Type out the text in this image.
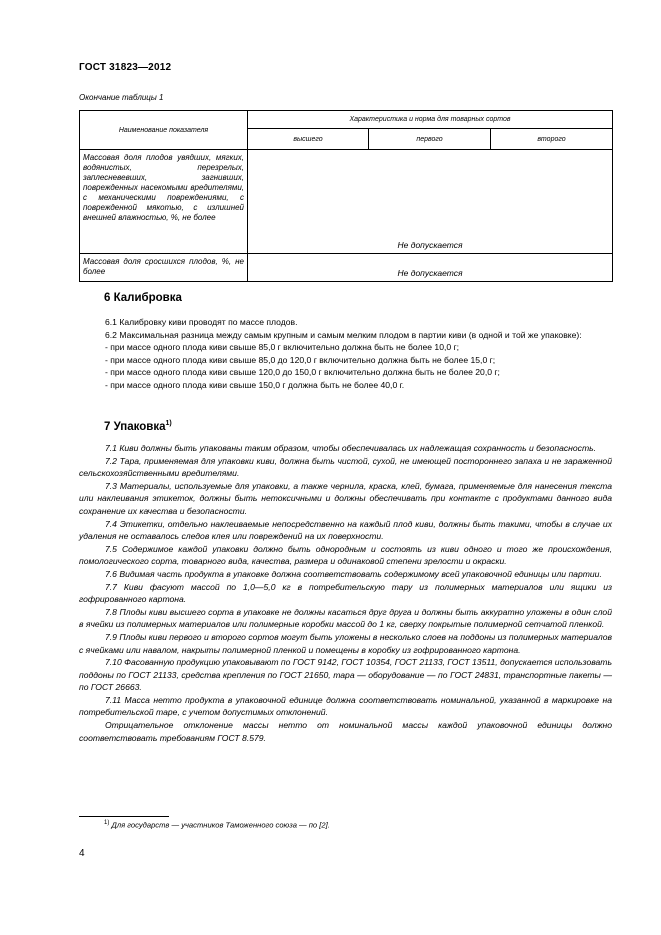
ГОСТ 31823—2012
Окончание таблицы 1
Наименование показателя	Характеристика и норма для товарных сортов		
	высшего	первого	второго
Массовая доля плодов увядших, мягких, водянистых, перезрелых, заплесневевших, загнивших, поврежденных насекомыми вредителями, с механическими повреждениями, с поврежденной мякотью, с излишней внешней влажностью, %, не более	Не допускается		
Массовая доля сросшихся плодов, %, не более	Не допускается		
6 Калибровка

6.1 Калибровку киви проводят по массе плодов.

6.2 Максимальная разница между самым крупным и самым мелким плодом в партии киви (в одной и той же упаковке):

- при массе одного плода киви свыше 85,0 г включительно должна быть не более 10,0 г;

- при массе одного плода киви свыше 85,0 до 120,0 г включительно должна быть не более 15,0 г;

- при массе одного плода киви свыше 120,0 до 150,0 г включительно должна быть не более 20,0 г;

- при массе одного плода киви свыше 150,0 г должна быть не более 40,0 г.

7 Упаковка$^{1)}$

7.1 Киви должны быть упакованы таким образом, чтобы обеспечивалась их надлежащая сохранность и безопасность.

7.2 Тара, применяемая для упаковки киви, должна быть чистой, сухой, не имеющей постороннего запаха и не зараженной сельскохозяйственными вредителями.

7.3 Материалы, используемые для упаковки, а также чернила, краска, клей, бумага, применяемые для нанесения текста или наклеивания этикеток, должны быть нетоксичными и должны обеспечивать при контакте с продуктами данного вида сохранение их качества и безопасности.

7.4 Этикетки, отдельно наклеиваемые непосредственно на каждый плод киви, должны быть такими, чтобы в случае их удаления не оставалось следов клея или повреждений на их поверхности.

7.5 Содержимое каждой упаковки должно быть однородным и состоять из киви одного и того же происхождения, помологического сорта, товарного вида, качества, размера и одинаковой степени зрелости и окраски.

7.6 Видимая часть продукта в упаковке должна соответствовать содержимому всей упаковочной единицы или партии.

7.7 Киви фасуют массой по 1,0—5,0 кг в потребительскую тару из полимерных материалов или ящики из гофрированного картона.

7.8 Плоды киви высшего сорта в упаковке не должны касаться друг друга и должны быть аккуратно уложены в один слой в ячейки из полимерных материалов или полимерные коробки массой до 1 кг, сверху покрытые полимерной сетчатой пленкой.

7.9 Плоды киви первого и второго сортов могут быть уложены в несколько слоев на поддоны из полимерных материалов с ячейками или навалом, накрыты полимерной пленкой и помещены в коробку из гофрированного картона.

7.10 Фасованную продукцию упаковывают по ГОСТ 9142, ГОСТ 10354, ГОСТ 21133, ГОСТ 13511, допускается использовать поддоны по ГОСТ 21133, средства крепления по ГОСТ 21650, тара — оборудование — по ГОСТ 24831, транспортные пакеты — по ГОСТ 26663.

7.11 Масса нетто продукта в упаковочной единице должна соответствовать номинальной, указанной в маркировке на потребительской таре, с учетом допустимых отклонений.

Отрицательное отклонение массы нетто от номинальной массы каждой упаковочной единицы должно соответствовать требованиям ГОСТ 8.579.

$^{1)}$ Для государств — участников Таможенного союза — по [2].
4
